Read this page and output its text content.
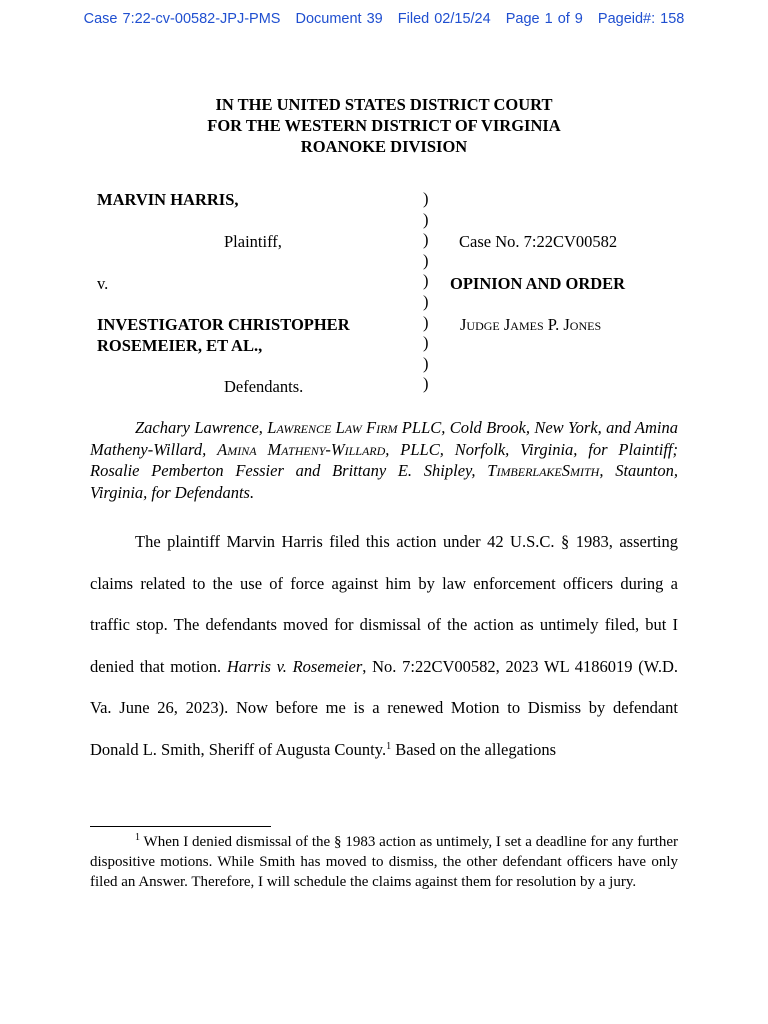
Case 7:22-cv-00582-JPJ-PMS Document 39 Filed 02/15/24 Page 1 of 9 Pageid#: 158
IN THE UNITED STATES DISTRICT COURT
FOR THE WESTERN DISTRICT OF VIRGINIA
ROANOKE DIVISION
MARVIN HARRIS,
Plaintiff,
v.
INVESTIGATOR CHRISTOPHER
ROSEMEIER, ET AL.,
Defendants.
)
)
)
)
)
)
)
)
)
)
Case No. 7:22CV00582
OPINION AND ORDER
Judge James P. Jones
Zachary Lawrence, Lawrence Law Firm PLLC, Cold Brook, New York, and Amina Matheny-Willard, Amina Matheny-Willard, PLLC, Norfolk, Virginia, for Plaintiff; Rosalie Pemberton Fessier and Brittany E. Shipley, TimberlakeSmith, Staunton, Virginia, for Defendants.
The plaintiff Marvin Harris filed this action under 42 U.S.C. § 1983, asserting claims related to the use of force against him by law enforcement officers during a traffic stop. The defendants moved for dismissal of the action as untimely filed, but I denied that motion. Harris v. Rosemeier, No. 7:22CV00582, 2023 WL 4186019 (W.D. Va. June 26, 2023). Now before me is a renewed Motion to Dismiss by defendant Donald L. Smith, Sheriff of Augusta County.$^1$ Based on the allegations
$^1$ When I denied dismissal of the § 1983 action as untimely, I set a deadline for any further dispositive motions. While Smith has moved to dismiss, the other defendant officers have only filed an Answer. Therefore, I will schedule the claims against them for resolution by a jury.
